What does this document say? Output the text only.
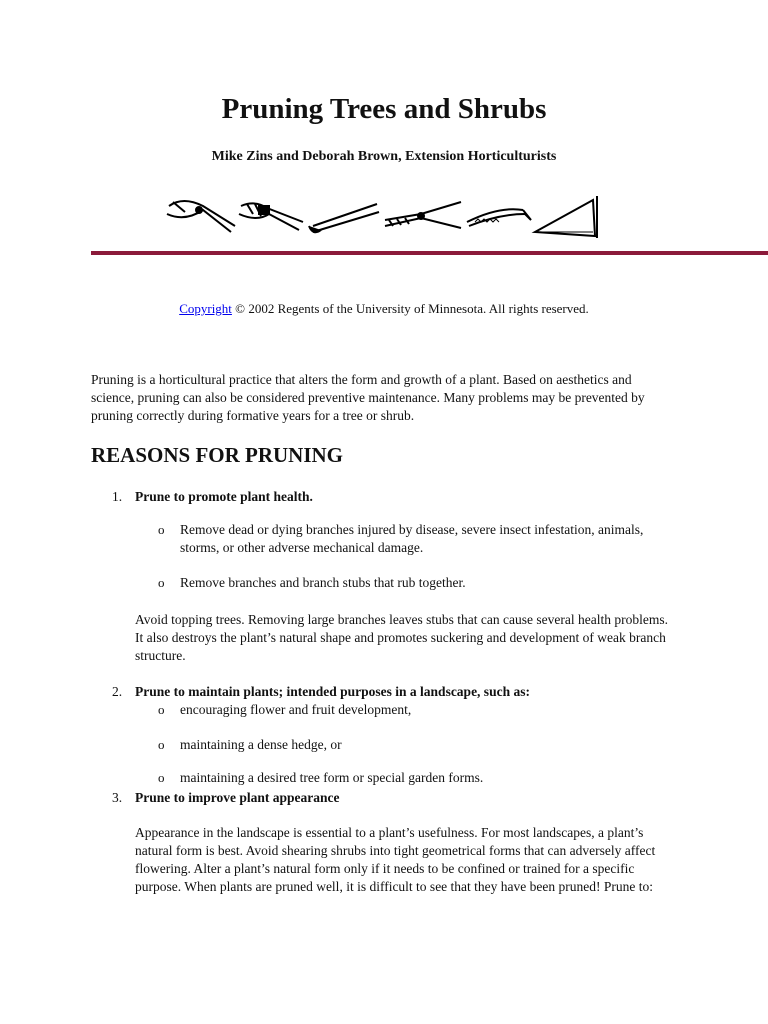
Pruning Trees and Shrubs
Mike Zins and Deborah Brown, Extension Horticulturists
Copyright © 2002 Regents of the University of Minnesota. All rights reserved.
Pruning is a horticultural practice that alters the form and growth of a plant. Based on aesthetics and science, pruning can also be considered preventive maintenance. Many problems may be prevented by pruning correctly during formative years for a tree or shrub.
REASONS FOR PRUNING
1. Prune to promote plant health.
o Remove dead or dying branches injured by disease, severe insect infestation, animals, storms, or other adverse mechanical damage.
o Remove branches and branch stubs that rub together.
Avoid topping trees. Removing large branches leaves stubs that can cause several health problems. It also destroys the plant’s natural shape and promotes suckering and development of weak branch structure.
2. Prune to maintain plants; intended purposes in a landscape, such as:
o encouraging flower and fruit development,
o maintaining a dense hedge, or
o maintaining a desired tree form or special garden forms.
3. Prune to improve plant appearance
Appearance in the landscape is essential to a plant’s usefulness. For most landscapes, a plant’s natural form is best. Avoid shearing shrubs into tight geometrical forms that can adversely affect flowering. Alter a plant’s natural form only if it needs to be confined or trained for a specific purpose. When plants are pruned well, it is difficult to see that they have been pruned! Prune to:
